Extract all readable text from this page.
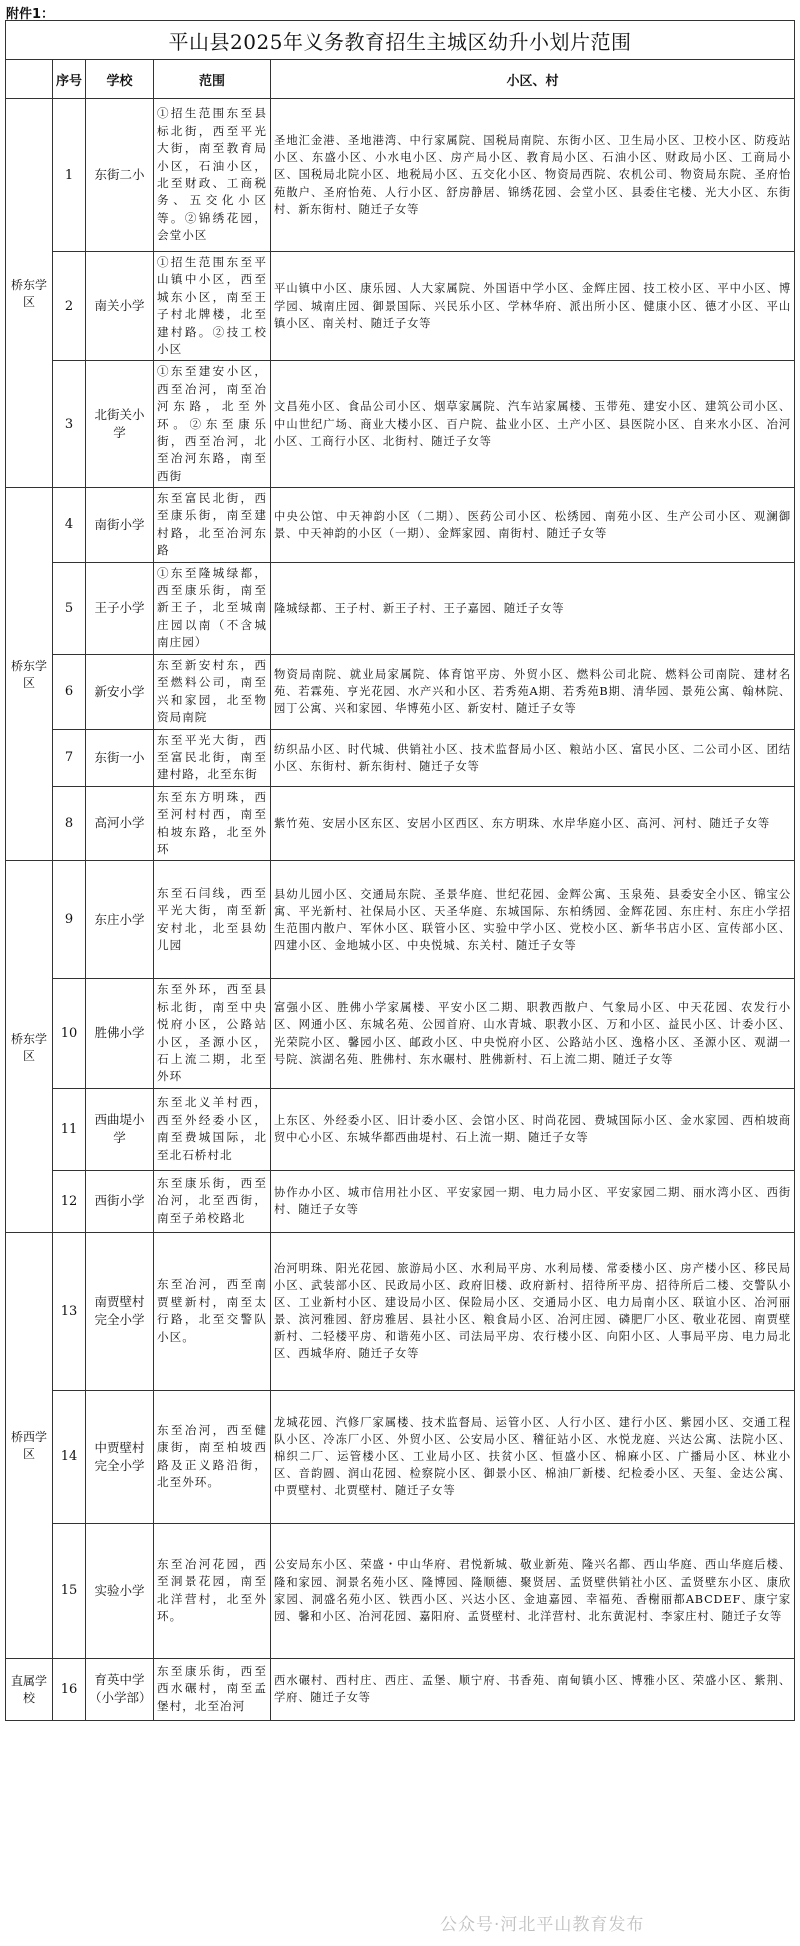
附件1：
平山县2025年义务教育招生主城区幼升小划片范围				
	序号	学校	范围	小区、村
桥东学区	1	东街二小	①招生范围东至县标北街，西至平光大街，南至教育局小区，石油小区，北至财政、工商税务、五交化小区等。②锦绣花园，会堂小区	圣地汇金港、圣地港湾、中行家属院、国税局南院、东街小区、卫生局小区、卫校小区、防疫站小区、东盛小区、小水电小区、房产局小区、教育局小区、石油小区、财政局小区、工商局小区、国税局北院小区、地税局小区、五交化小区、物资局西院、农机公司、物资局东院、圣府怡苑散户、圣府怡苑、人行小区、舒房静居、锦绣花园、会堂小区、县委住宅楼、光大小区、东街村、新东街村、随迁子女等
	2	南关小学	①招生范围东至平山镇中小区，西至城东小区，南至王子村北牌楼，北至建村路。②技工校小区	平山镇中小区、康乐园、人大家属院、外国语中学小区、金辉庄园、技工校小区、平中小区、博学园、城南庄园、御景国际、兴民乐小区、学林华府、派出所小区、健康小区、德才小区、平山镇小区、南关村、随迁子女等
	3	北街关小学	①东至建安小区，西至冶河，南至冶河东路，北至外环。②东至康乐街，西至冶河，北至冶河东路，南至西街	文昌苑小区、食品公司小区、烟草家属院、汽车站家属楼、玉带苑、建安小区、建筑公司小区、中山世纪广场、商业大楼小区、百户院、盐业小区、土产小区、县医院小区、自来水小区、冶河小区、工商行小区、北街村、随迁子女等
桥东学区	4	南街小学	东至富民北街，西至康乐街，南至建村路，北至冶河东路	中央公馆、中天神韵小区（二期）、医药公司小区、松绣园、南苑小区、生产公司小区、观澜御景、中天神韵的小区（一期）、金辉家园、南街村、随迁子女等
	5	王子小学	①东至隆城绿都，西至康乐街，南至新王子，北至城南庄园以南（不含城南庄园）	隆城绿都、王子村、新王子村、王子嘉园、随迁子女等
	6	新安小学	东至新安村东，西至燃料公司，南至兴和家园，北至物资局南院	物资局南院、就业局家属院、体育馆平房、外贸小区、燃料公司北院、燃料公司南院、建材名苑、若霖苑、亨光花园、水产兴和小区、若秀苑A期、若秀苑B期、清华园、景苑公寓、翰林院、园丁公寓、兴和家园、华博苑小区、新安村、随迁子女等
	7	东街一小	东至平光大街，西至富民北街，南至建村路，北至东街	纺织品小区、时代城、供销社小区、技术监督局小区、粮站小区、富民小区、二公司小区、团结小区、东街村、新东街村、随迁子女等
	8	高河小学	东至东方明珠，西至河村村西，南至柏坡东路，北至外环	紫竹苑、安居小区东区、安居小区西区、东方明珠、水岸华庭小区、高河、河村、随迁子女等
桥东学区	9	东庄小学	东至石闫线，西至平光大街，南至新安村北，北至县幼儿园	县幼儿园小区、交通局东院、圣景华庭、世纪花园、金辉公寓、玉泉苑、县委安全小区、锦宝公寓、平光新村、社保局小区、天圣华庭、东城国际、东柏绣园、金辉花园、东庄村、东庄小学招生范围内散户、军休小区、联管小区、实验中学小区、党校小区、新华书店小区、宣传部小区、四建小区、金地城小区、中央悦城、东关村、随迁子女等
	10	胜佛小学	东至外环，西至县标北街，南至中央悦府小区，公路站小区，圣源小区，石上流二期，北至外环	富强小区、胜佛小学家属楼、平安小区二期、职教西散户、气象局小区、中天花园、农发行小区、网通小区、东城名苑、公园首府、山水青城、职教小区、万和小区、益民小区、计委小区、光荣院小区、馨园小区、邮政小区、中央悦府小区、公路站小区、逸格小区、圣源小区、观湖一号院、滨湖名苑、胜佛村、东水碾村、胜佛新村、石上流二期、随迁子女等
	11	西曲堤小学	东至北义羊村西，西至外经委小区，南至费城国际，北至北石桥村北	上东区、外经委小区、旧计委小区、会馆小区、时尚花园、费城国际小区、金水家园、西柏坡商贸中心小区、东城华都西曲堤村、石上流一期、随迁子女等
	12	西街小学	东至康乐街，西至冶河，北至西街，南至子弟校路北	协作办小区、城市信用社小区、平安家园一期、电力局小区、平安家园二期、丽水湾小区、西街村、随迁子女等
桥西学区	13	南贾壁村完全小学	东至冶河，西至南贾壁新村，南至太行路，北至交警队小区。	冶河明珠、阳光花园、旅游局小区、水利局平房、水利局楼、常委楼小区、房产楼小区、移民局小区、武装部小区、民政局小区、政府旧楼、政府新村、招待所平房、招待所后二楼、交警队小区、工业新村小区、建设局小区、保险局小区、交通局小区、电力局南小区、联谊小区、冶河丽景、滨河雅园、舒房雅居、县社小区、粮食局小区、冶河庄园、磷肥厂小区、敬业花园、南贾壁新村、二轻楼平房、和谐苑小区、司法局平房、农行楼小区、向阳小区、人事局平房、电力局北区、西城华府、随迁子女等
	14	中贾壁村完全小学	东至冶河，西至健康街，南至柏坡西路及正义路沿街，北至外环。	龙城花园、汽修厂家属楼、技术监督局、运管小区、人行小区、建行小区、紫园小区、交通工程队小区、冷冻厂小区、外贸小区、公安局小区、稽征站小区、水悦龙庭、兴达公寓、法院小区、棉织二厂、运管楼小区、工业局小区、扶贫小区、恒盛小区、棉麻小区、广播局小区、林业小区、音韵圆、润山花园、检察院小区、御景小区、棉油厂新楼、纪检委小区、天玺、金达公寓、中贾壁村、北贾壁村、随迁子女等
	15	实验小学	东至冶河花园，西至洞景花园，南至北洋营村，北至外环。	公安局东小区、荣盛・中山华府、君悦新城、敬业新苑、隆兴名都、西山华庭、西山华庭后楼、隆和家园、洞景名苑小区、隆博园、隆顺德、聚贤居、孟贤壁供销社小区、孟贤壁东小区、康欣家园、洞盛名苑小区、铁西小区、兴达小区、金迪嘉园、幸福苑、香榭丽都ABCDEF、康宁家园、馨和小区、冶河花园、嘉阳府、孟贤壁村、北洋营村、北东黄泥村、李家庄村、随迁子女等
直属学校	16	育英中学（小学部）	东至康乐街，西至西水碾村，南至孟堡村，北至冶河	西水碾村、西村庄、西庄、孟堡、顺宁府、书香苑、南甸镇小区、博雅小区、荣盛小区、紫荆、学府、随迁子女等
公众号·河北平山教育发布
